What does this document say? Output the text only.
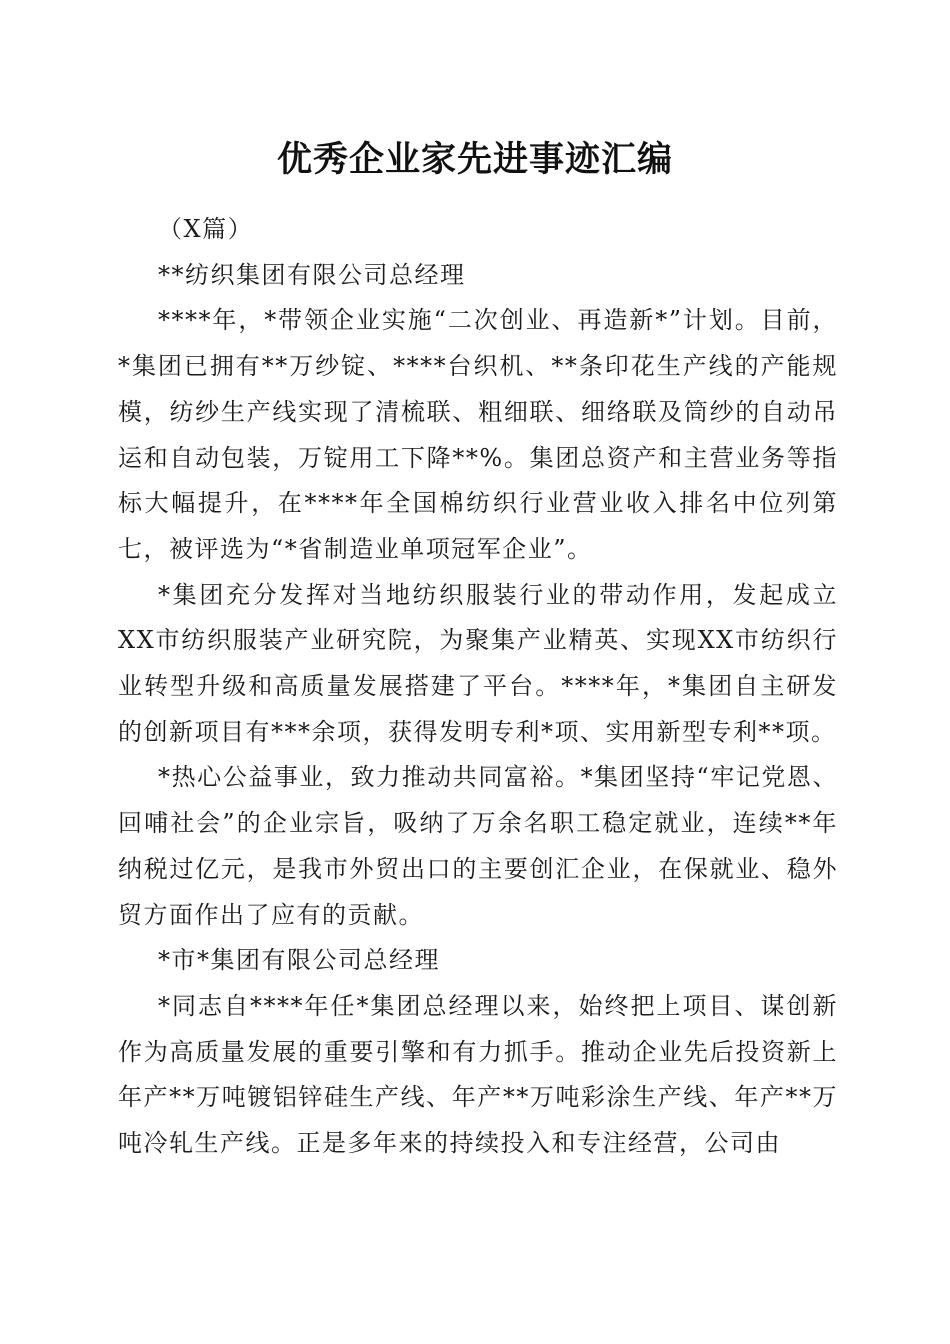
优秀企业家先进事迹汇编

（X篇）

**纺织集团有限公司总经理

****年，*带领企业实施“二次创业、再造新*”计划。目前，*集团已拥有**万纱锭、****台织机、**条印花生产线的产能规模，纺纱生产线实现了清梳联、粗细联、细络联及筒纱的自动吊运和自动包装，万锭用工下降**%。集团总资产和主营业务等指标大幅提升，在****年全国棉纺织行业营业收入排名中位列第七，被评选为“*省制造业单项冠军企业”。

*集团充分发挥对当地纺织服装行业的带动作用，发起成立XX市纺织服装产业研究院，为聚集产业精英、实现XX市纺织行业转型升级和高质量发展搭建了平台。****年，*集团自主研发的创新项目有***余项，获得发明专利*项、实用新型专利**项。

*热心公益事业，致力推动共同富裕。*集团坚持“牢记党恩、回哺社会”的企业宗旨，吸纳了万余名职工稳定就业，连续**年纳税过亿元，是我市外贸出口的主要创汇企业，在保就业、稳外贸方面作出了应有的贡献。

*市*集团有限公司总经理

*同志自****年任*集团总经理以来，始终把上项目、谋创新作为高质量发展的重要引擎和有力抓手。推动企业先后投资新上年产**万吨镀铝锌硅生产线、年产**万吨彩涂生产线、年产**万吨冷轧生产线。正是多年来的持续投入和专注经营，公司由
